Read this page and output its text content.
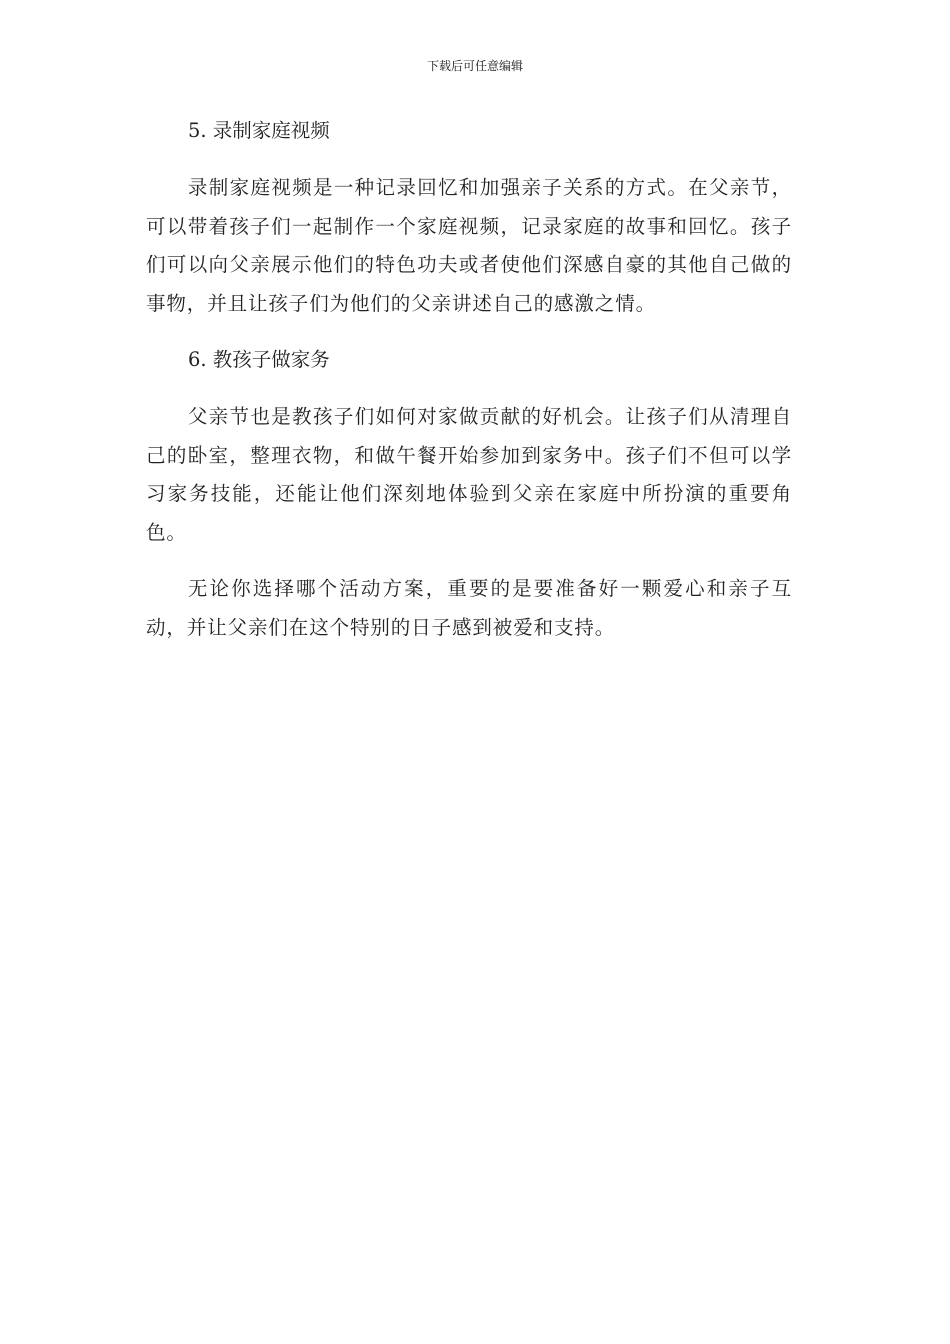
下载后可任意编辑

5. 录制家庭视频

录制家庭视频是一种记录回忆和加强亲子关系的方式。在父亲节，可以带着孩子们一起制作一个家庭视频，记录家庭的故事和回忆。孩子们可以向父亲展示他们的特色功夫或者使他们深感自豪的其他自己做的事物，并且让孩子们为他们的父亲讲述自己的感激之情。

6. 教孩子做家务

父亲节也是教孩子们如何对家做贡献的好机会。让孩子们从清理自己的卧室，整理衣物，和做午餐开始参加到家务中。孩子们不但可以学习家务技能，还能让他们深刻地体验到父亲在家庭中所扮演的重要角色。

无论你选择哪个活动方案，重要的是要准备好一颗爱心和亲子互动，并让父亲们在这个特别的日子感到被爱和支持。
